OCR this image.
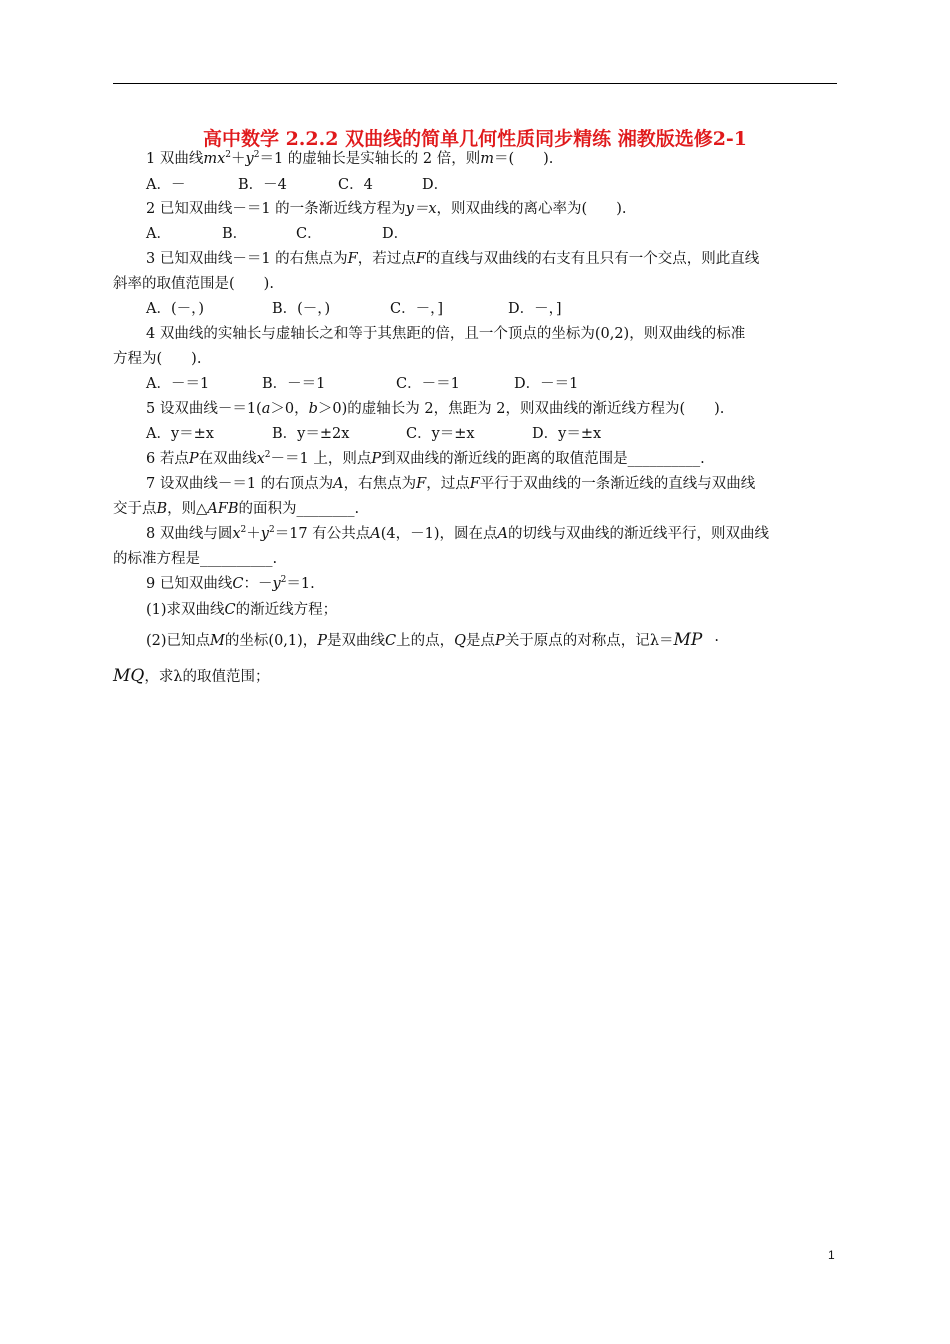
高中数学 2.2.2 双曲线的简单几何性质同步精练 湘教版选修2-1
1 双曲线$mx^2+y^2=1$ 的虚轴长是实轴长的 2 倍，则m＝(　　).
A．－	B．－4	C．4	D．
2 已知双曲线－＝1 的一条渐近线方程为y＝x，则双曲线的离心率为(　　).
A．	B．	C．	D．
3 已知双曲线－＝1 的右焦点为F，若过点F的直线与双曲线的右支有且只有一个交点，则此直线
斜率的取值范围是(　　).
A．(－，)	B．(－，)	C．－，]	D．－，]
4 双曲线的实轴长与虚轴长之和等于其焦距的倍，且一个顶点的坐标为(0,2)，则双曲线的标准
方程为(　　).
A．－＝1	B．－＝1	C．－＝1	D．－＝1
5 设双曲线－＝1(a＞0，b＞0)的虚轴长为 2，焦距为 2，则双曲线的渐近线方程为(　　).
A．y＝±x	B．y＝±2x	C．y＝±x	D．y＝±x
6 若点P在双曲线$x^2-=1$ 上，则点P到双曲线的渐近线的距离的取值范围是__________.
7 设双曲线－＝1 的右顶点为A，右焦点为F，过点F平行于双曲线的一条渐近线的直线与双曲线
交于点B，则△AFB的面积为________.
8 双曲线与圆$x^2+y^2=17$ 有公共点A(4，－1)，圆在点A的切线与双曲线的渐近线平行，则双曲线
的标准方程是__________.
9 已知双曲线C：$-y^2=1$.
(1)求双曲线C的渐近线方程；
(2)已知点M的坐标(0,1)，P是双曲线C上的点，Q是点P关于原点的对称点，记λ＝MP ·
MQ，求λ的取值范围；
1
